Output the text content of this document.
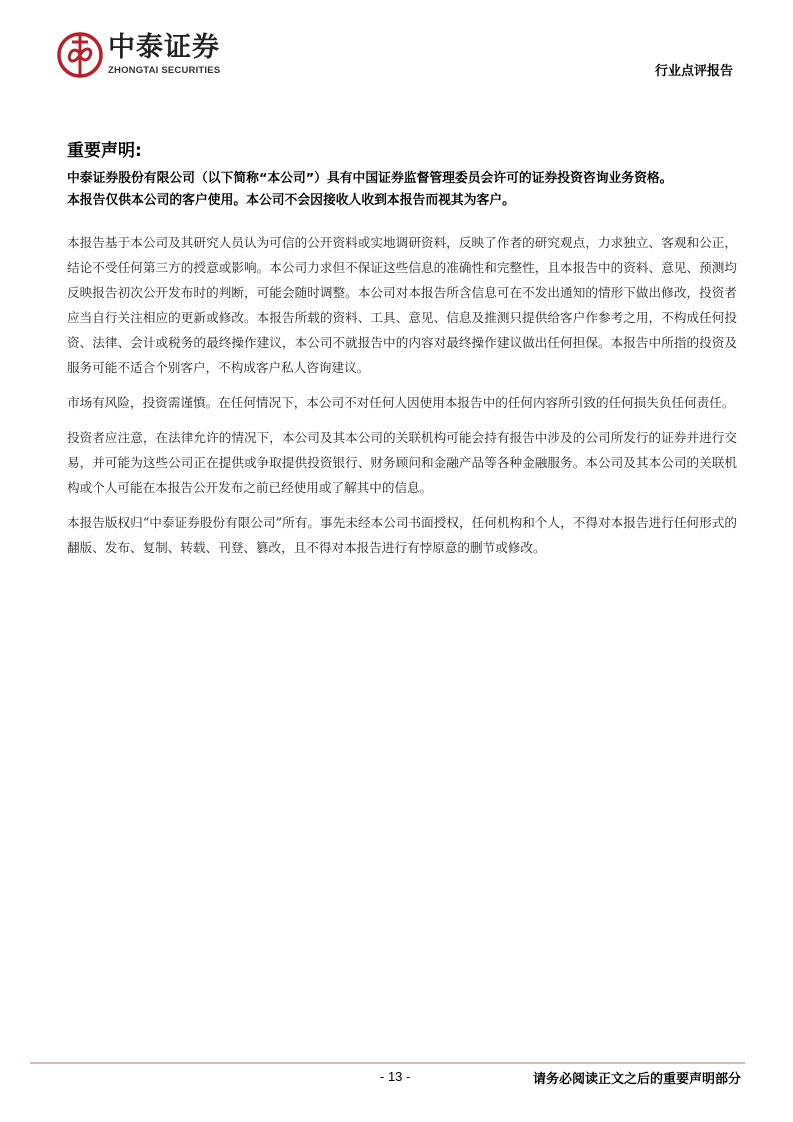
中泰证券
ZHONGTAI SECURITIES	行业点评报告
重要声明:
中泰证券股份有限公司（以下简称“本公司”）具有中国证券监督管理委员会许可的证券投资咨询业务资格。
本报告仅供本公司的客户使用。本公司不会因接收人收到本报告而视其为客户。

本报告基于本公司及其研究人员认为可信的公开资料或实地调研资料，反映了作者的研究观点，力求独立、客观和公正，结论不受任何第三方的授意或影响。本公司力求但不保证这些信息的准确性和完整性，且本报告中的资料、意见、预测均反映报告初次公开发布时的判断，可能会随时调整。本公司对本报告所含信息可在不发出通知的情形下做出修改，投资者应当自行关注相应的更新或修改。本报告所载的资料、工具、意见、信息及推测只提供给客户作参考之用，不构成任何投资、法律、会计或税务的最终操作建议，本公司不就报告中的内容对最终操作建议做出任何担保。本报告中所指的投资及服务可能不适合个别客户，不构成客户私人咨询建议。

市场有风险，投资需谨慎。在任何情况下，本公司不对任何人因使用本报告中的任何内容所引致的任何损失负任何责任。

投资者应注意，在法律允许的情况下，本公司及其本公司的关联机构可能会持有报告中涉及的公司所发行的证券并进行交易，并可能为这些公司正在提供或争取提供投资银行、财务顾问和金融产品等各种金融服务。本公司及其本公司的关联机构或个人可能在本报告公开发布之前已经使用或了解其中的信息。

本报告版权归“中泰证券股份有限公司”所有。事先未经本公司书面授权，任何机构和个人，不得对本报告进行任何形式的翻版、发布、复制、转载、刊登、篡改，且不得对本报告进行有悖原意的删节或修改。

- 13 -	请务必阅读正文之后的重要声明部分
